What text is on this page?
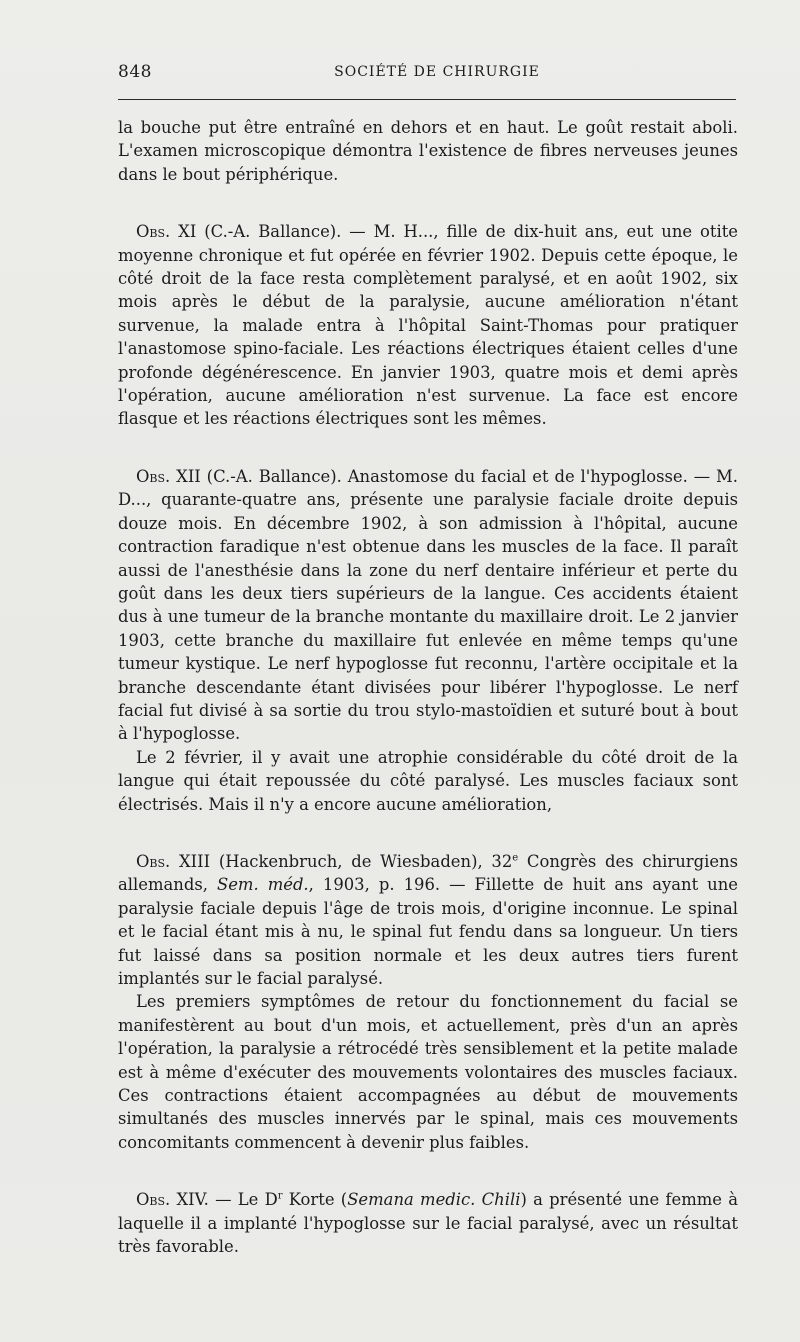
848	SOCIÉTÉ DE CHIRURGIE

la bouche put être entraîné en dehors et en haut. Le goût restait aboli. L'examen microscopique démontra l'existence de fibres nerveuses jeunes dans le bout périphérique.

Obs. XI (C.-A. Ballance). — M. H..., fille de dix-huit ans, eut une otite moyenne chronique et fut opérée en février 1902. Depuis cette époque, le côté droit de la face resta complètement paralysé, et en août 1902, six mois après le début de la paralysie, aucune amélioration n'étant survenue, la malade entra à l'hôpital Saint-Thomas pour pratiquer l'anastomose spino-faciale. Les réactions électriques étaient celles d'une profonde dégénérescence. En janvier 1903, quatre mois et demi après l'opération, aucune amélioration n'est survenue. La face est encore flasque et les réactions électriques sont les mêmes.

Obs. XII (C.-A. Ballance). Anastomose du facial et de l'hypoglosse. — M. D..., quarante-quatre ans, présente une paralysie faciale droite depuis douze mois. En décembre 1902, à son admission à l'hôpital, aucune contraction faradique n'est obtenue dans les muscles de la face. Il paraît aussi de l'anesthésie dans la zone du nerf dentaire inférieur et perte du goût dans les deux tiers supérieurs de la langue. Ces accidents étaient dus à une tumeur de la branche montante du maxillaire droit. Le 2 janvier 1903, cette branche du maxillaire fut enlevée en même temps qu'une tumeur kystique. Le nerf hypoglosse fut reconnu, l'artère occipitale et la branche descendante étant divisées pour libérer l'hypoglosse. Le nerf facial fut divisé à sa sortie du trou stylo-mastoïdien et suturé bout à bout à l'hypoglosse.

Le 2 février, il y avait une atrophie considérable du côté droit de la langue qui était repoussée du côté paralysé. Les muscles faciaux sont électrisés. Mais il n'y a encore aucune amélioration,

Obs. XIII (Hackenbruch, de Wiesbaden), 32e Congrès des chirurgiens allemands, Sem. méd., 1903, p. 196. — Fillette de huit ans ayant une paralysie faciale depuis l'âge de trois mois, d'origine inconnue. Le spinal et le facial étant mis à nu, le spinal fut fendu dans sa longueur. Un tiers fut laissé dans sa position normale et les deux autres tiers furent implantés sur le facial paralysé.

Les premiers symptômes de retour du fonctionnement du facial se manifestèrent au bout d'un mois, et actuellement, près d'un an après l'opération, la paralysie a rétrocédé très sensiblement et la petite malade est à même d'exécuter des mouvements volontaires des muscles faciaux. Ces contractions étaient accompagnées au début de mouvements simultanés des muscles innervés par le spinal, mais ces mouvements concomitants commencent à devenir plus faibles.

Obs. XIV. — Le $D^r$ Korte (Semana medic. Chili) a présenté une femme à laquelle il a implanté l'hypoglosse sur le facial paralysé, avec un résultat très favorable.
